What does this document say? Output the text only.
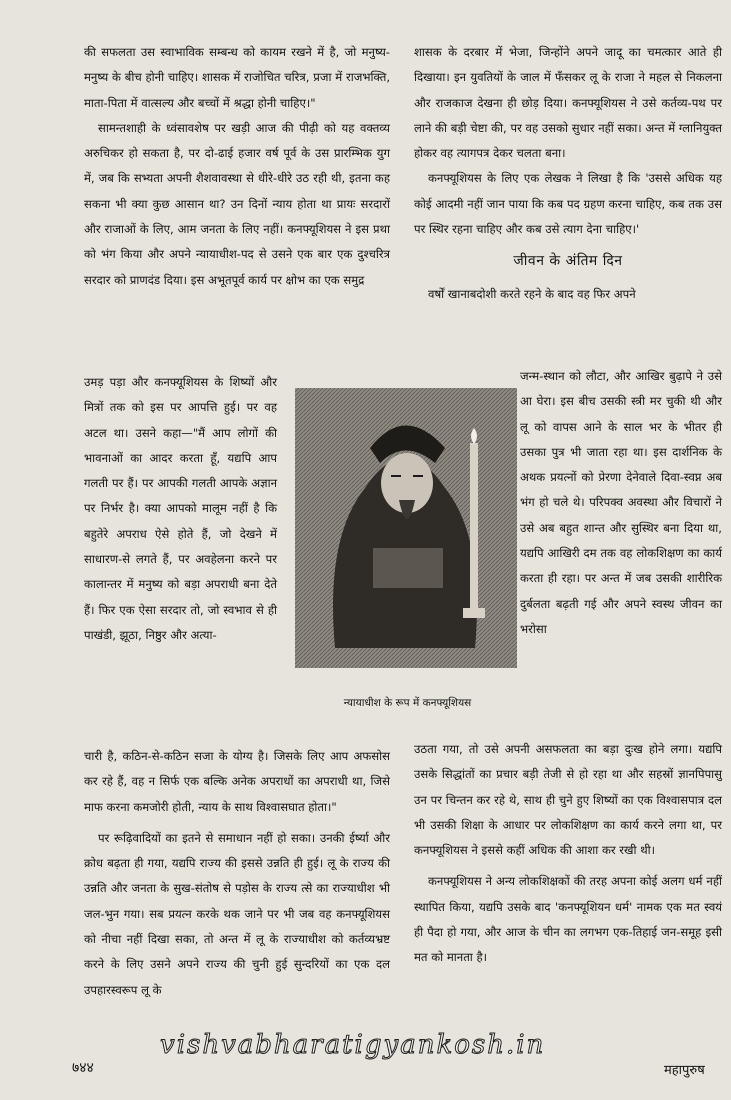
की सफलता उस स्वाभाविक सम्बन्ध को कायम रखने में है, जो मनुष्य-मनुष्य के बीच होनी चाहिए। शासक में राजोचित चरित्र, प्रजा में राजभक्ति, माता-पिता में वात्सल्य और बच्चों में श्रद्धा होनी चाहिए।"

सामन्तशाही के ध्वंसावशेष पर खड़ी आज की पीढ़ी को यह वक्तव्य अरुचिकर हो सकता है, पर दो-ढाई हजार वर्ष पूर्व के उस प्रारम्भिक युग में, जब कि सभ्यता अपनी शैशवावस्था से धीरे-धीरे उठ रही थी, इतना कह सकना भी क्या कुछ आसान था? उन दिनों न्याय होता था प्रायः सरदारों और राजाओं के लिए, आम जनता के लिए नहीं। कनफ्यूशियस ने इस प्रथा को भंग किया और अपने न्यायाधीश-पद से उसने एक बार एक दुश्चरित्र सरदार को प्राणदंड दिया। इस अभूतपूर्व कार्य पर क्षोभ का एक समुद्र

उमड़ पड़ा और कनफ्यूशियस के शिष्यों और मित्रों तक को इस पर आपत्ति हुई। पर वह अटल था। उसने कहा—"मैं आप लोगों की भावनाओं का आदर करता हूँ, यद्यपि आप गलती पर हैं। पर आपकी गलती आपके अज्ञान पर निर्भर है। क्या आपको मालूम नहीं है कि बहुतेरे अपराध ऐसे होते हैं, जो देखने में साधारण-से लगते हैं, पर अवहेलना करने पर कालान्तर में मनुष्य को बड़ा अपराधी बना देते हैं। फिर एक ऐसा सरदार तो, जो स्वभाव से ही पाखंडी, झूठा, निष्ठुर और अत्या-

न्यायाधीश के रूप में कनफ्यूशियस

चारी है, कठिन-से-कठिन सजा के योग्य है। जिसके लिए आप अफसोस कर रहे हैं, वह न सिर्फ एक बल्कि अनेक अपराधों का अपराधी था, जिसे माफ करना कमजोरी होती, न्याय के साथ विश्वासघात होता।"

पर रूढ़िवादियों का इतने से समाधान नहीं हो सका। उनकी ईर्ष्या और क्रोध बढ़ता ही गया, यद्यपि राज्य की इससे उन्नति ही हुई। लू के राज्य की उन्नति और जनता के सुख-संतोष से पड़ोस के राज्य त्से का राज्याधीश भी जल-भुन गया। सब प्रयत्न करके थक जाने पर भी जब वह कनफ्यूशियस को नीचा नहीं दिखा सका, तो अन्त में लू के राज्याधीश को कर्तव्यभ्रष्ट करने के लिए उसने अपने राज्य की चुनी हुई सुन्दरियों का एक दल उपहारस्वरूप लू के

शासक के दरबार में भेजा, जिन्होंने अपने जादू का चमत्कार आते ही दिखाया। इन युवतियों के जाल में फँसकर लू के राजा ने महल से निकलना और राजकाज देखना ही छोड़ दिया। कनफ्यूशियस ने उसे कर्तव्य-पथ पर लाने की बड़ी चेष्टा की, पर वह उसको सुधार नहीं सका। अन्त में ग्लानियुक्त होकर वह त्यागपत्र देकर चलता बना।

कनफ्यूशियस के लिए एक लेखक ने लिखा है कि 'उससे अधिक यह कोई आदमी नहीं जान पाया कि कब पद ग्रहण करना चाहिए, कब तक उस पर स्थिर रहना चाहिए और कब उसे त्याग देना चाहिए।'

जीवन के अंतिम दिन

वर्षों खानाबदोशी करते रहने के बाद वह फिर अपने

जन्म-स्थान को लौटा, और आखिर बुढ़ापे ने उसे आ घेरा। इस बीच उसकी स्त्री मर चुकी थी और लू को वापस आने के साल भर के भीतर ही उसका पुत्र भी जाता रहा था। इस दार्शनिक के अथक प्रयत्नों को प्रेरणा देनेवाले दिवा-स्वप्न अब भंग हो चले थे। परिपक्व अवस्था और विचारों ने उसे अब बहुत शान्त और सुस्थिर बना दिया था, यद्यपि आखिरी दम तक वह लोकशिक्षण का कार्य करता ही रहा। पर अन्त में जब उसकी शारीरिक दुर्बलता बढ़ती गई और अपने स्वस्थ जीवन का भरोसा

उठता गया, तो उसे अपनी असफलता का बड़ा दुःख होने लगा। यद्यपि उसके सिद्धांतों का प्रचार बड़ी तेजी से हो रहा था और सहस्रों ज्ञानपिपासु उन पर चिन्तन कर रहे थे, साथ ही चुने हुए शिष्यों का एक विश्वासपात्र दल भी उसकी शिक्षा के आधार पर लोकशिक्षण का कार्य करने लगा था, पर कनफ्यूशियस ने इससे कहीं अधिक की आशा कर रखी थी।

कनफ्यूशियस ने अन्य लोकशिक्षकों की तरह अपना कोई अलग धर्म नहीं स्थापित किया, यद्यपि उसके बाद 'कनफ्यूशियन धर्म' नामक एक मत स्वयं ही पैदा हो गया, और आज के चीन का लगभग एक-तिहाई जन-समूह इसी मत को मानता है।

७४४	महापुरुष
vishvabharatigyankosh.in
